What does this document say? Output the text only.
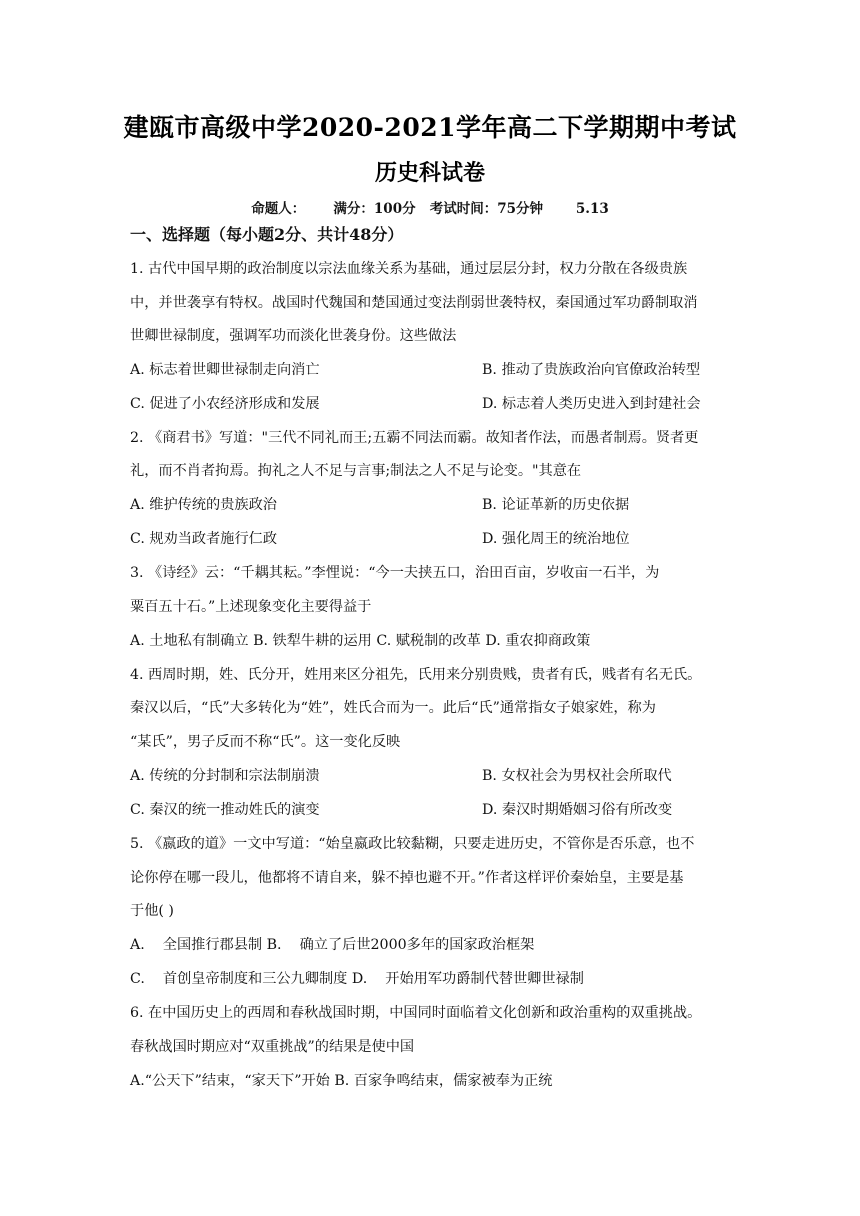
建瓯市高级中学2020-2021学年高二下学期期中考试
历史科试卷
命题人：      满分：100分   考试时间：75分钟       5.13
一、选择题（每小题2分、共计48分）
1. 古代中国早期的政治制度以宗法血缘关系为基础，通过层层分封，权力分散在各级贵族
中，并世袭享有特权。战国时代魏国和楚国通过变法削弱世袭特权，秦国通过军功爵制取消
世卿世禄制度，强调军功而淡化世袭身份。这些做法
A. 标志着世卿世禄制走向消亡	B. 推动了贵族政治向官僚政治转型
C. 促进了小农经济形成和发展	D. 标志着人类历史进入到封建社会
2. 《商君书》写道："三代不同礼而王;五霸不同法而霸。故知者作法，而愚者制焉。贤者更
礼，而不肖者拘焉。拘礼之人不足与言事;制法之人不足与论变。"其意在
A. 维护传统的贵族政治	B. 论证革新的历史依据
C. 规劝当政者施行仁政	D. 强化周王的统治地位
3. 《诗经》云：“千耦其耘。”李悝说：“今一夫挟五口，治田百亩，岁收亩一石半，为
粟百五十石。”上述现象变化主要得益于
A. 土地私有制确立 B. 铁犁牛耕的运用 C. 赋税制的改革 D. 重农抑商政策
4. 西周时期，姓、氏分开，姓用来区分祖先，氏用来分别贵贱，贵者有氏，贱者有名无氏。
秦汉以后，“氏”大多转化为“姓”，姓氏合而为一。此后“氏”通常指女子娘家姓，称为
“某氏”，男子反而不称“氏”。这一变化反映
A. 传统的分封制和宗法制崩溃	B. 女权社会为男权社会所取代
C. 秦汉的统一推动姓氏的演变	D. 秦汉时期婚姻习俗有所改变
5. 《嬴政的道》一文中写道：“始皇嬴政比较黏糊，只要走进历史，不管你是否乐意，也不
论你停在哪一段儿，他都将不请自来，躲不掉也避不开。”作者这样评价秦始皇，主要是基
于他( )
A.    全国推行郡县制 B.    确立了后世2000多年的国家政治框架
C.    首创皇帝制度和三公九卿制度 D.    开始用军功爵制代替世卿世禄制
6. 在中国历史上的西周和春秋战国时期，中国同时面临着文化创新和政治重构的双重挑战。
春秋战国时期应对“双重挑战”的结果是使中国
A.“公天下”结束，“家天下”开始 B. 百家争鸣结束，儒家被奉为正统
